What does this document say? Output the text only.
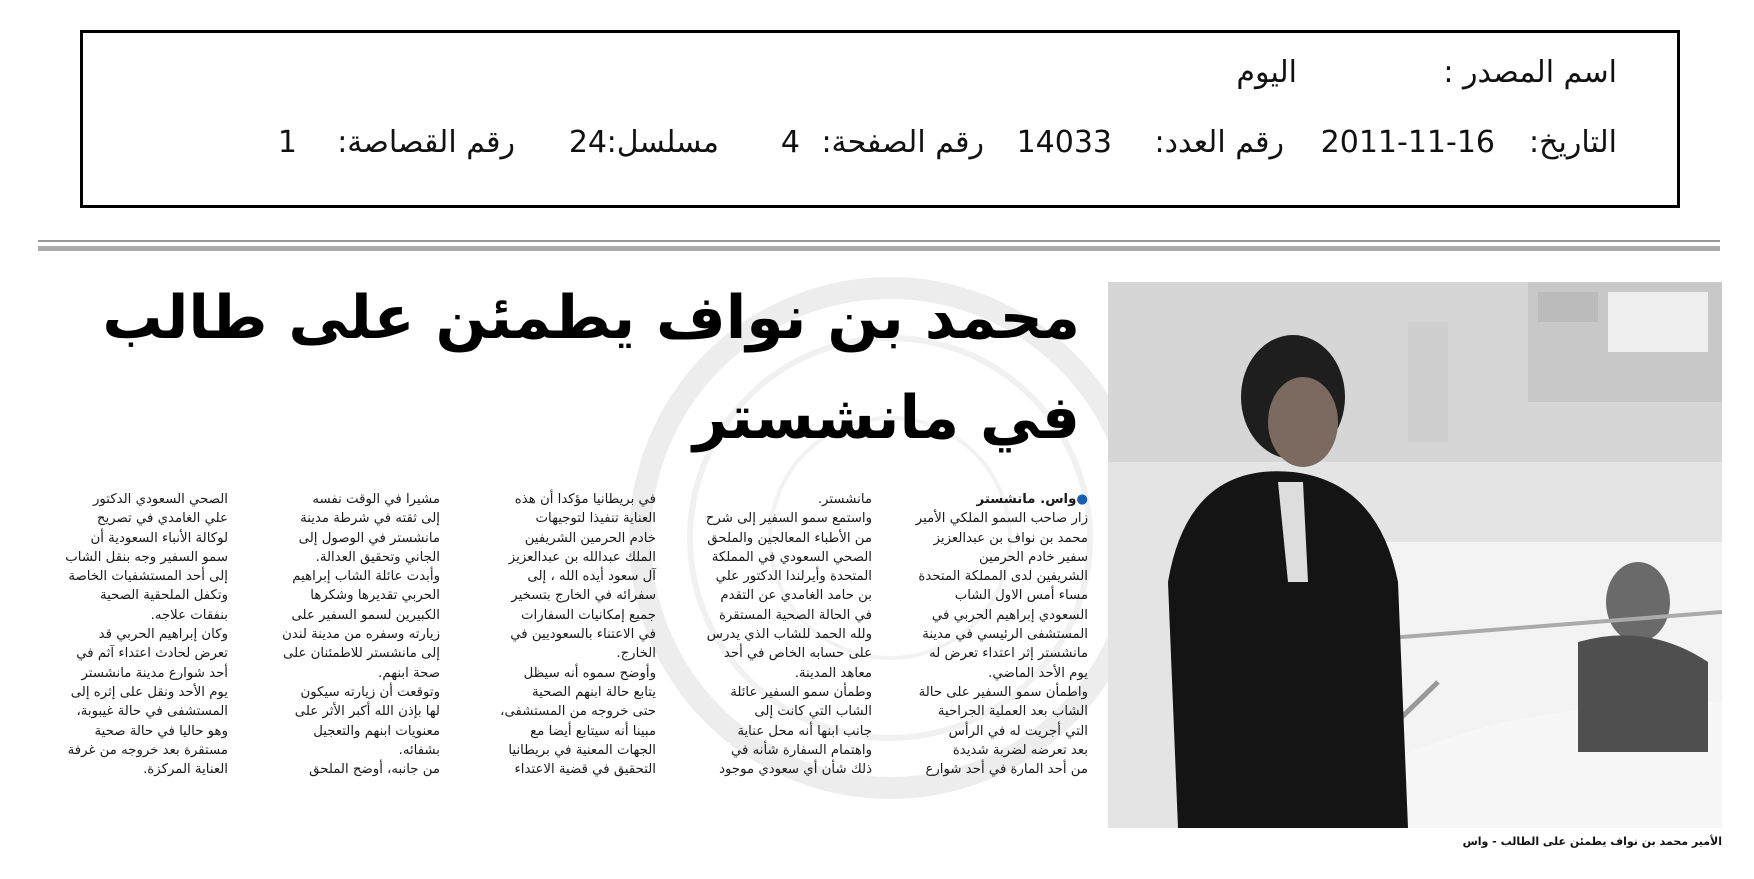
اسم المصدر :
اليوم
التاريخ:
2011-11-16
رقم العدد:
14033
رقم الصفحة:
4
مسلسل:
24
رقم القصاصة:
1
الأمير محمد بن نواف يطمئن على الطالب - واس
محمد بن نواف يطمئن على طالب
في مانشستر

●واس. مانشستر

زار صاحب السمو الملكي الأمير

محمد بن نواف بن عبدالعزيز

سفير خادم الحرمين

الشريفين لدى المملكة المتحدة

مساء أمس الاول الشاب

السعودي إبراهيم الحربي في

المستشفى الرئيسي في مدينة

مانشستر إثر اعتداء تعرض له

يوم الأحد الماضي.

واطمأن سمو السفير على حالة

الشاب بعد العملية الجراحية

التي أجريت له في الرأس

بعد تعرضه لضربة شديدة

من أحد المارة في أحد شوارع

مانشستر.

واستمع سمو السفير إلى شرح

من الأطباء المعالجين والملحق

الصحي السعودي في المملكة

المتحدة وأيرلندا الدكتور علي

بن حامد الغامدي عن التقدم

في الحالة الصحية المستقرة

ولله الحمد للشاب الذي يدرس

على حسابه الخاص في أحد

معاهد المدينة.

وطمأن سمو السفير عائلة

الشاب التي كانت إلى

جانب ابنها أنه محل عناية

واهتمام السفارة شأنه في

ذلك شأن أي سعودي موجود

في بريطانيا مؤكدا أن هذه

العناية تنفيذا لتوجيهات

خادم الحرمين الشريفين

الملك عبدالله بن عبدالعزيز

آل سعود أيده الله ، إلى

سفرائه في الخارج بتسخير

جميع إمكانيات السفارات

في الاعتناء بالسعوديين في

الخارج.

وأوضح سموه أنه سيظل

يتابع حالة ابنهم الصحية

حتى خروجه من المستشفى،

مبينا أنه سيتابع أيضا مع

الجهات المعنية في بريطانيا

التحقيق في قضية الاعتداء

مشيرا في الوقت نفسه

إلى ثقته في شرطة مدينة

مانشستر في الوصول إلى

الجاني وتحقيق العدالة.

وأبدت عائلة الشاب إبراهيم

الحربي تقديرها وشكرها

الكبيرين لسمو السفير على

زيارته وسفره من مدينة لندن

إلى مانشستر للاطمئنان على

صحة ابنهم.

وتوقعت أن زيارته سيكون

لها بإذن الله أكبر الأثر على

معنويات ابنهم والتعجيل

بشفائه.

من جانبه، أوضح الملحق

الصحي السعودي الدكتور

علي الغامدي في تصريح

لوكالة الأنباء السعودية أن

سمو السفير وجه بنقل الشاب

إلى أحد المستشفيات الخاصة

وتكفل الملحقية الصحية

بنفقات علاجه.

وكان إبراهيم الحربي قد

تعرض لحادث اعتداء آثم في

أحد شوارع مدينة مانشستر

يوم الأحد ونقل على إثره إلى

المستشفى في حالة غيبوبة،

وهو حاليا في حالة صحية

مستقرة بعد خروجه من غرفة

العناية المركزة.
